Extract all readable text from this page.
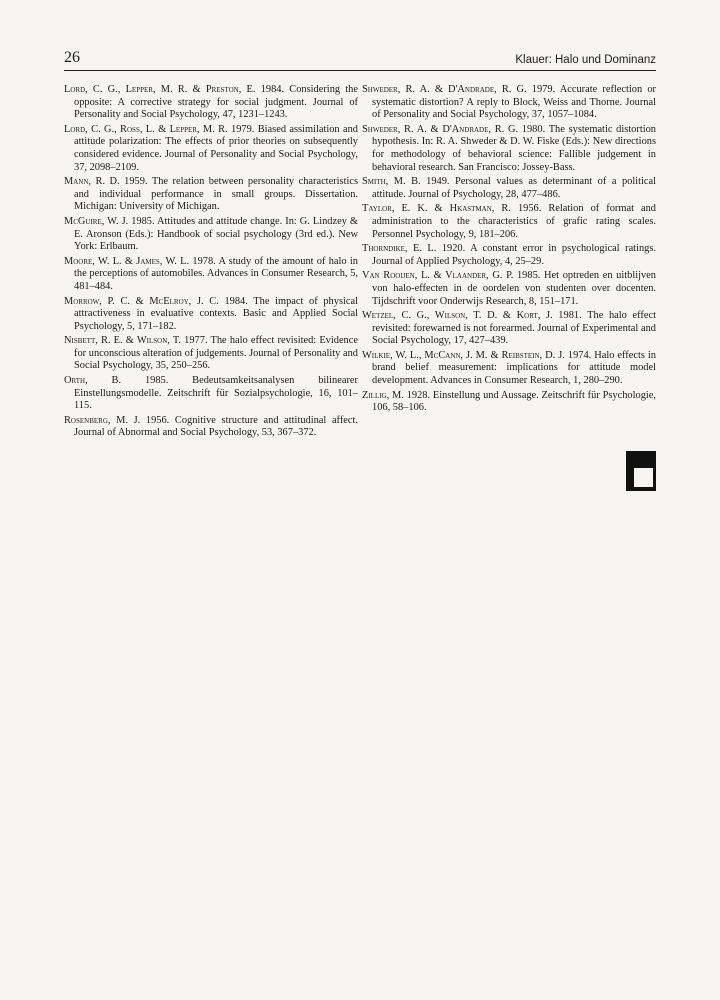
26	Klauer: Halo und Dominanz

Lord, C. G., Lepper, M. R. & Preston, E. 1984. Considering the opposite: A corrective strategy for social judgment. Journal of Personality and Social Psychology, 47, 1231–1243.

Lord, C. G., Ross, L. & Lepper, M. R. 1979. Biased assimilation and attitude polarization: The effects of prior theories on subsequently considered evidence. Journal of Personality and Social Psychology, 37, 2098–2109.

Mann, R. D. 1959. The relation between personality characteristics and individual performance in small groups. Dissertation. Michigan: University of Michigan.

McGuire, W. J. 1985. Attitudes and attitude change. In: G. Lindzey & E. Aronson (Eds.): Handbook of social psychology (3rd ed.). New York: Erlbaum.

Moore, W. L. & James, W. L. 1978. A study of the amount of halo in the perceptions of automobiles. Advances in Consumer Research, 5, 481–484.

Morrow, P. C. & McElroy, J. C. 1984. The impact of physical attractiveness in evaluative contexts. Basic and Applied Social Psychology, 5, 171–182.

Nisbett, R. E. & Wilson, T. 1977. The halo effect revisited: Evidence for unconscious alteration of judgements. Journal of Personality and Social Psychology, 35, 250–256.

Orth, B. 1985. Bedeutsamkeitsanalysen bilinearer Einstellungsmodelle. Zeitschrift für Sozialpsychologie, 16, 101–115.

Rosenberg, M. J. 1956. Cognitive structure and attitudinal affect. Journal of Abnormal and Social Psychology, 53, 367–372.

Shweder, R. A. & D'Andrade, R. G. 1979. Accurate reflection or systematic distortion? A reply to Block, Weiss and Thorne. Journal of Personality and Social Psychology, 37, 1057–1084.

Shweder, R. A. & D'Andrade, R. G. 1980. The systematic distortion hypothesis. In: R. A. Shweder & D. W. Fiske (Eds.): New directions for methodology of behavioral science: Fallible judgement in behavioral research. San Francisco: Jossey-Bass.

Smith, M. B. 1949. Personal values as determinant of a political attitude. Journal of Psychology, 28, 477–486.

Taylor, E. K. & Hkastman, R. 1956. Relation of format and administration to the characteristics of grafic rating scales. Personnel Psychology, 9, 181–206.

Thorndike, E. L. 1920. A constant error in psychological ratings. Journal of Applied Psychology, 4, 25–29.

Van Rooijen, L. & Vlaander, G. P. 1985. Het optreden en uitblijven von halo-effecten in de oordelen von studenten over docenten. Tijdschrift voor Onderwijs Research, 8, 151–171.

Wetzel, C. G., Wilson, T. D. & Kort, J. 1981. The halo effect revisited: forewarned is not forearmed. Journal of Experimental and Social Psychology, 17, 427–439.

Wilkie, W. L., McCann, J. M. & Reibstein, D. J. 1974. Halo effects in brand belief measurement: implications for attitude model development. Advances in Consumer Research, 1, 280–290.

Zillig, M. 1928. Einstellung und Aussage. Zeitschrift für Psychologie, 106, 58–106.
